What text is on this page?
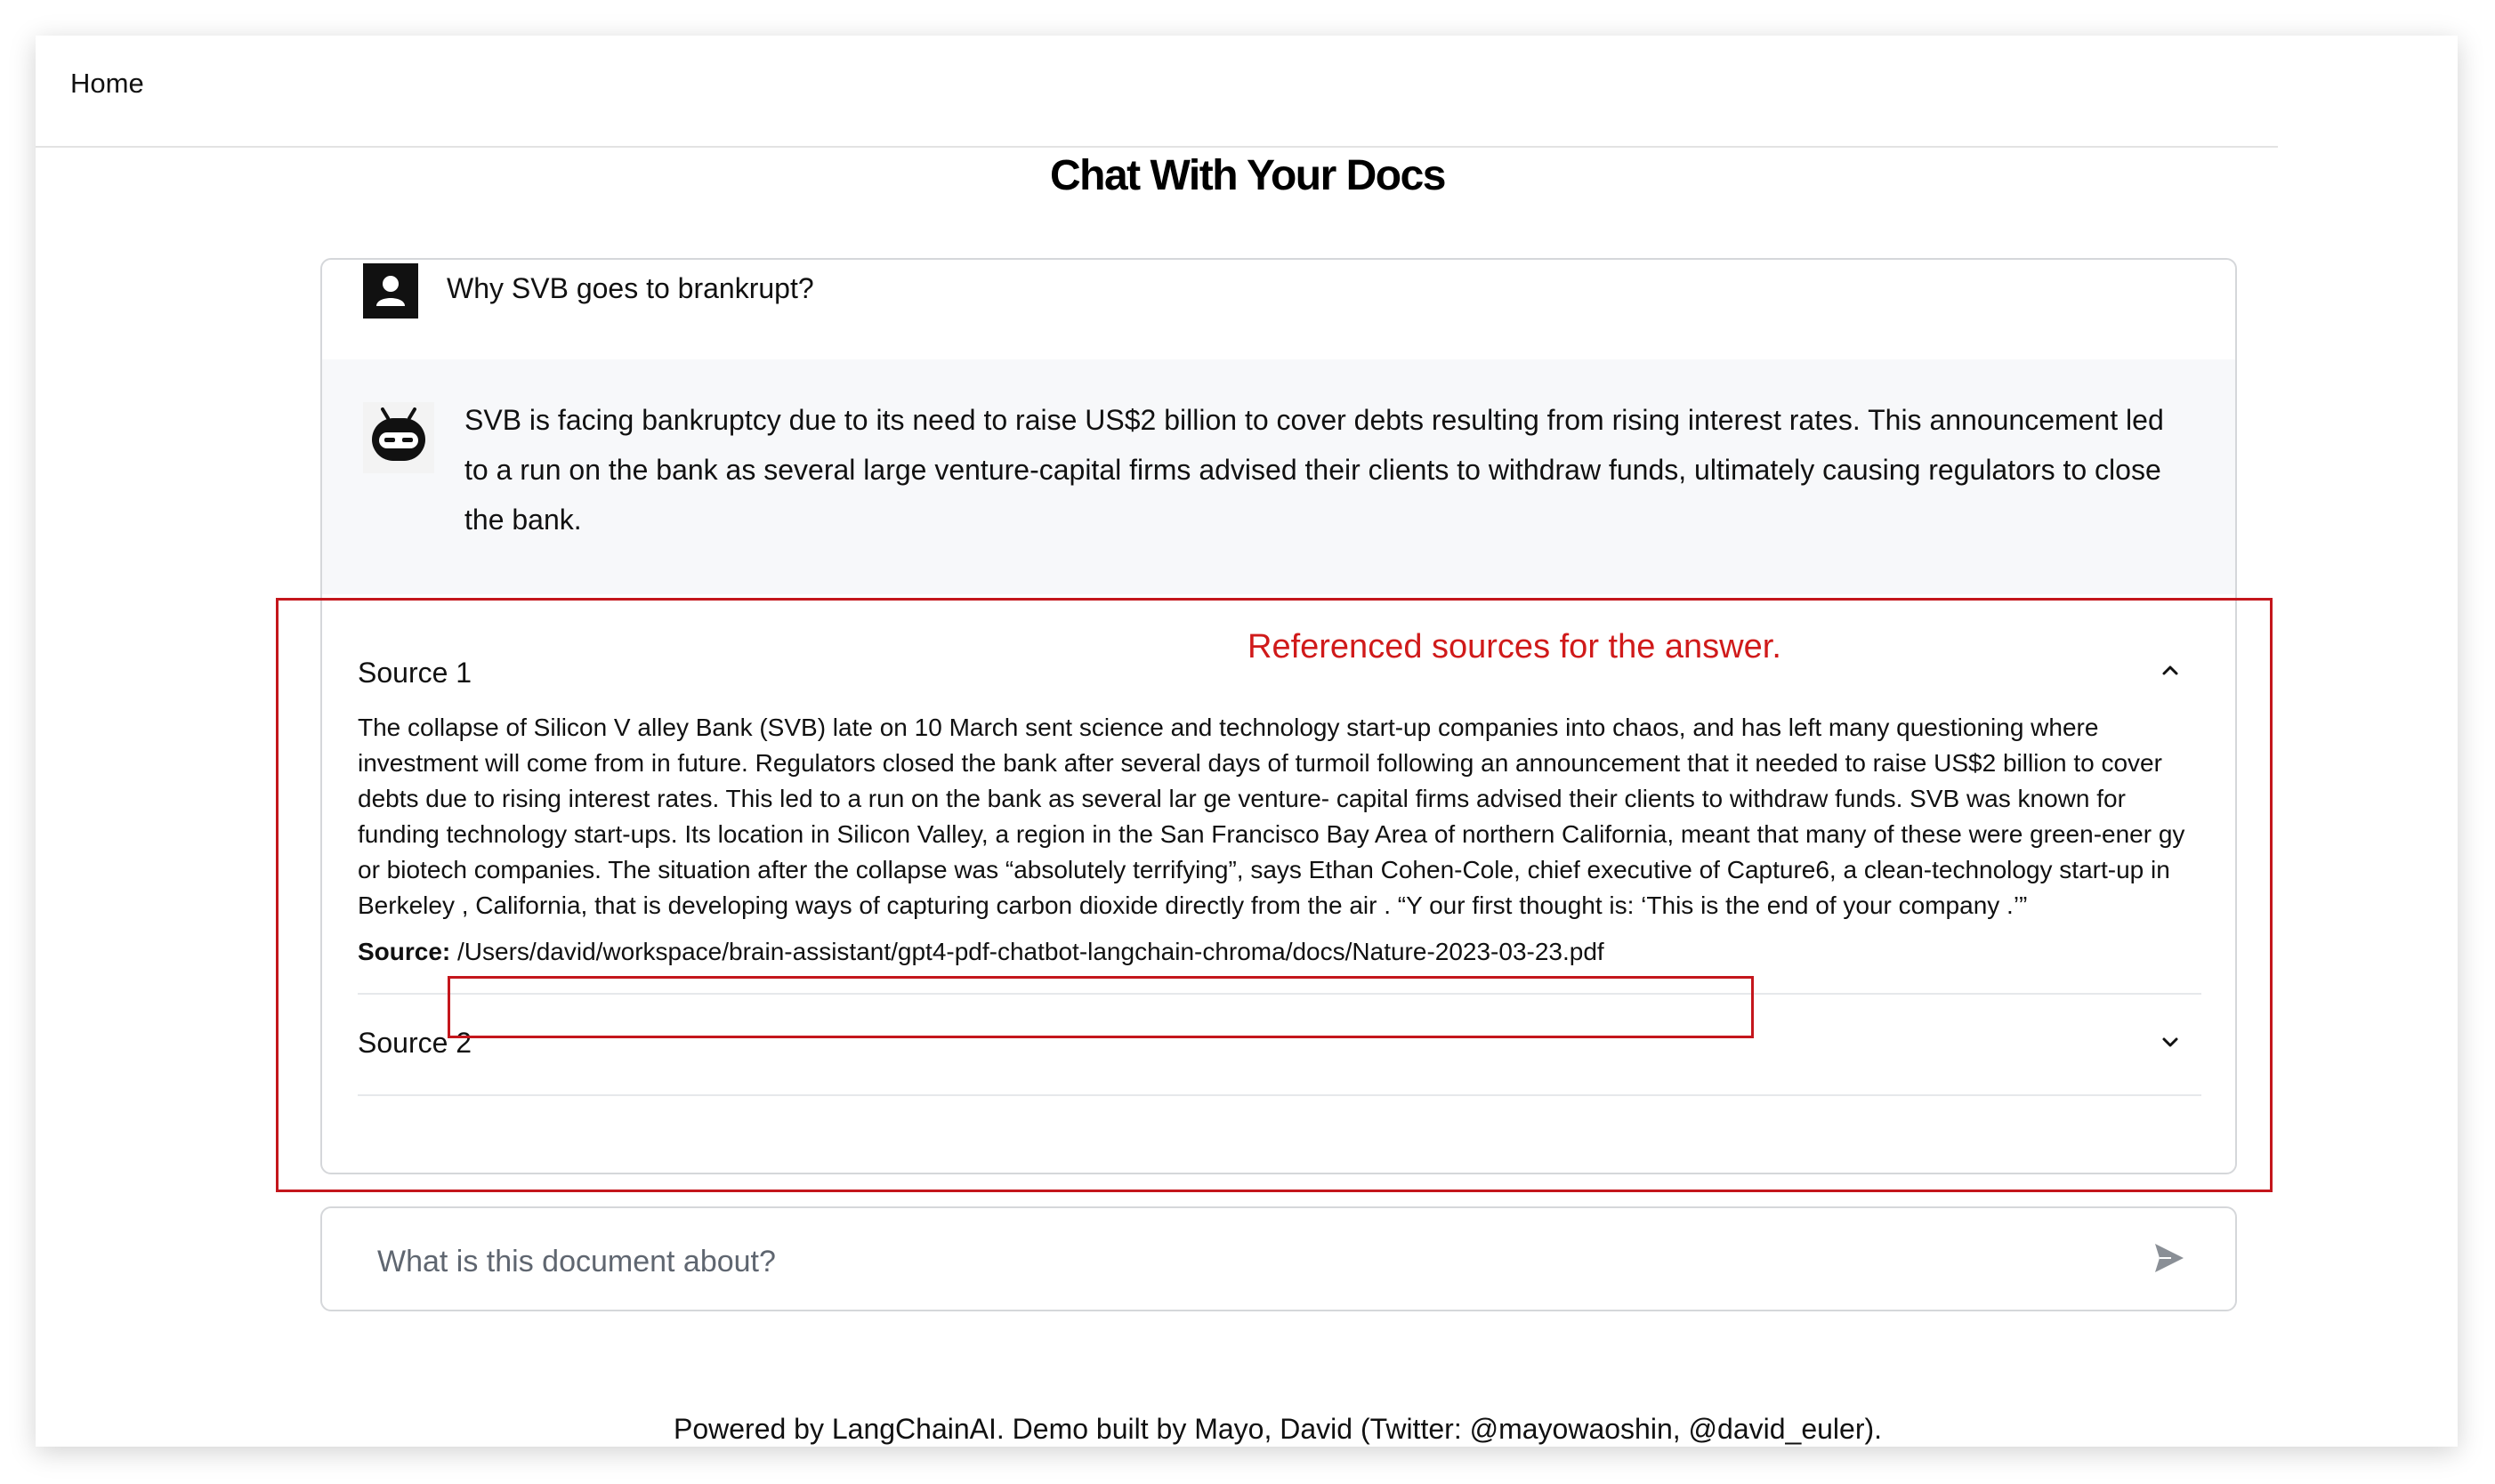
Home
Chat With Your Docs
Why SVB goes to brankrupt?
SVB is facing bankruptcy due to its need to raise US$2 billion to cover debts resulting from rising interest rates. This announcement led to a run on the bank as several large venture-capital firms advised their clients to withdraw funds, ultimately causing regulators to close the bank.
Source 1
The collapse of Silicon V alley Bank (SVB) late on 10 March sent science and technology start-up companies into chaos, and has left many questioning where investment will come from in future. Regulators closed the bank after several days of turmoil following an announcement that it needed to raise US$2 billion to cover debts due to rising interest rates. This led to a run on the bank as several lar ge venture- capital firms advised their clients to withdraw funds. SVB was known for funding technology start-ups. Its location in Silicon Valley, a region in the San Francisco Bay Area of northern California, meant that many of these were green-ener gy or biotech companies. The situation after the collapse was “absolutely terrifying”, says Ethan Cohen-Cole, chief executive of Capture6, a clean-technology start-up in Berkeley , California, that is developing ways of capturing carbon dioxide directly from the air . “Y our first thought is: ‘This is the end of your company .’”
Source: /Users/david/workspace/brain-assistant/gpt4-pdf-chatbot-langchain-chroma/docs/Nature-2023-03-23.pdf
Source 2
Referenced sources for the answer.
What is this document about?
Powered by LangChainAI. Demo built by Mayo, David (Twitter: @mayowaoshin, @david_euler).
